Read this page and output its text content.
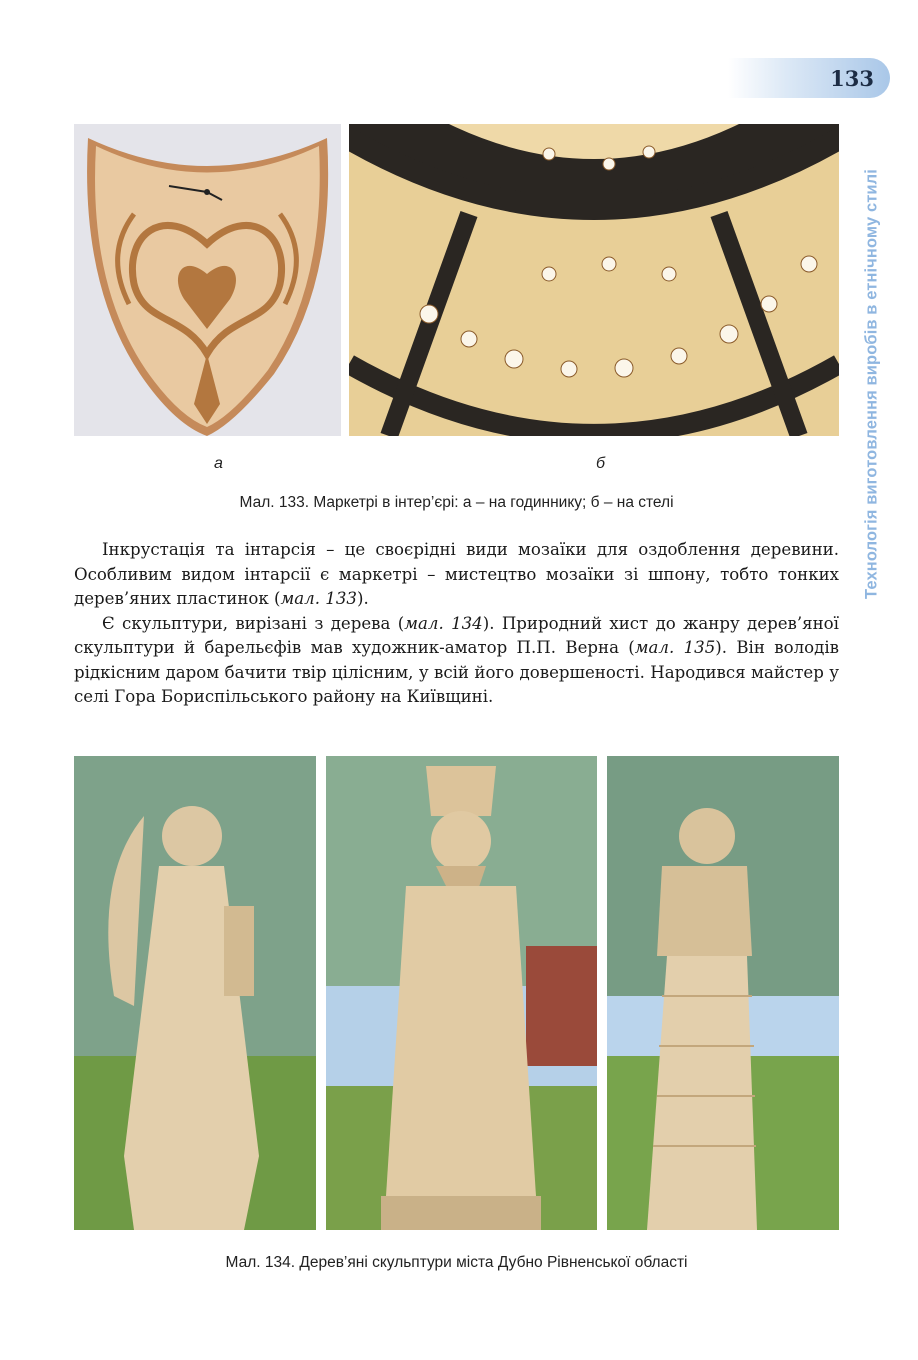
133
Технологія виготовлення виробів в етнічному стилі
а	б
Мал. 133. Маркетрі в інтер’єрі: а – на годиннику; б – на стелі

Інкрустація та інтарсія – це своєрідні види мозаїки для оздоблення деревини. Особливим видом інтарсії є маркетрі – мистецтво мозаїки зі шпону, тобто тонких дерев’яних пластинок (мал. 133).

Є скульптури, вирізані з дерева (мал. 134). Природний хист до жанру дерев’яної скульптури й барельєфів мав художник-аматор П.П. Верна (мал. 135). Він володів рідкісним даром бачити твір цілісним, у всій його довершеності. Народився майстер у селі Гора Бориспільського району на Київщині.

Мал. 134. Дерев’яні скульптури міста Дубно Рівненської області
